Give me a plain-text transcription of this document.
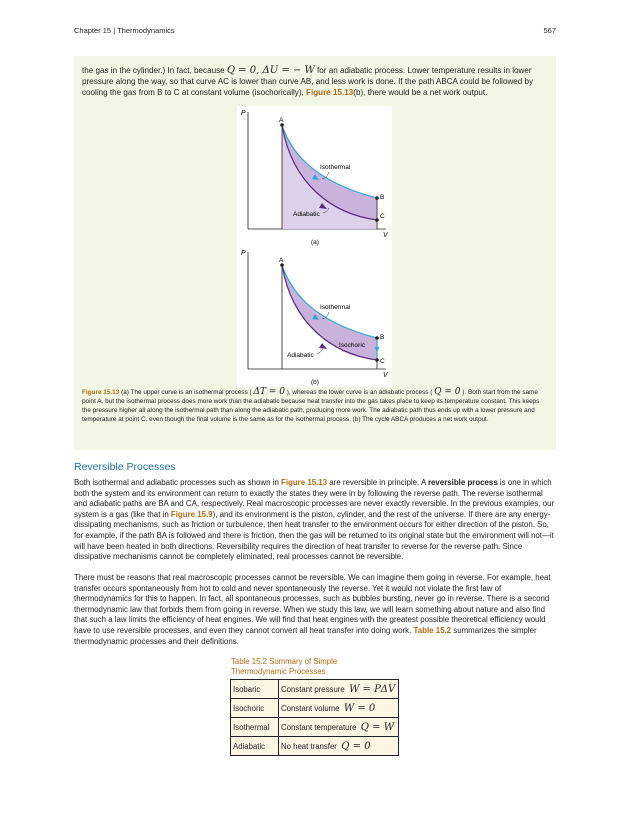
Chapter 15 | Thermodynamics	567
the gas in the cylinder.) In fact, because Q = 0, ΔU = − W for an adiabatic process. Lower temperature results in lower pressure along the way, so that curve AC is lower than curve AB, and less work is done. If the path ABCA could be followed by cooling the gas from B to C at constant volume (isochorically), Figure 15.13(b), there would be a net work output.
P
V
A
B
C
Isothermal
Adiabatic
(a)
P
V
A
B
C
Isothermal
Isochoric
Adiabatic
(b)
Figure 15.13 (a) The upper curve is an isothermal process ( ΔT = 0 ), whereas the lower curve is an adiabatic process ( Q = 0 ). Both start from the same point A, but the isothermal process does more work than the adiabatic because heat transfer into the gas takes place to keep its temperature constant. This keeps the pressure higher all along the isothermal path than along the adiabatic path, producing more work. The adiabatic path thus ends up with a lower pressure and temperature at point C, even though the final volume is the same as for the isothermal process. (b) The cycle ABCA produces a net work output.
Reversible Processes
Both isothermal and adiabatic processes such as shown in Figure 15.13 are reversible in principle. A reversible process is one in which both the system and its environment can return to exactly the states they were in by following the reverse path. The reverse isothermal and adiabatic paths are BA and CA, respectively. Real macroscopic processes are never exactly reversible. In the previous examples, our system is a gas (like that in Figure 15.9), and its environment is the piston, cylinder, and the rest of the universe. If there are any energy-dissipating mechanisms, such as friction or turbulence, then heat transfer to the environment occurs for either direction of the piston. So, for example, if the path BA is followed and there is friction, then the gas will be returned to its original state but the environment will not—it will have been heated in both directions. Reversibility requires the direction of heat transfer to reverse for the reverse path. Since dissipative mechanisms cannot be completely eliminated, real processes cannot be reversible.
There must be reasons that real macroscopic processes cannot be reversible. We can imagine them going in reverse. For example, heat transfer occurs spontaneously from hot to cold and never spontaneously the reverse. Yet it would not violate the first law of thermodynamics for this to happen. In fact, all spontaneous processes, such as bubbles bursting, never go in reverse. There is a second thermodynamic law that forbids them from going in reverse. When we study this law, we will learn something about nature and also find that such a law limits the efficiency of heat engines. We will find that heat engines with the greatest possible theoretical efficiency would have to use reversible processes, and even they cannot convert all heat transfer into doing work. Table 15.2 summarizes the simpler thermodynamic processes and their definitions.
Table 15.2 Summary of Simple Thermodynamic Processes
Isobaric	Constant pressure W = PΔV
Isochoric	Constant volume W = 0
Isothermal	Constant temperature Q = W
Adiabatic	No heat transfer Q = 0
